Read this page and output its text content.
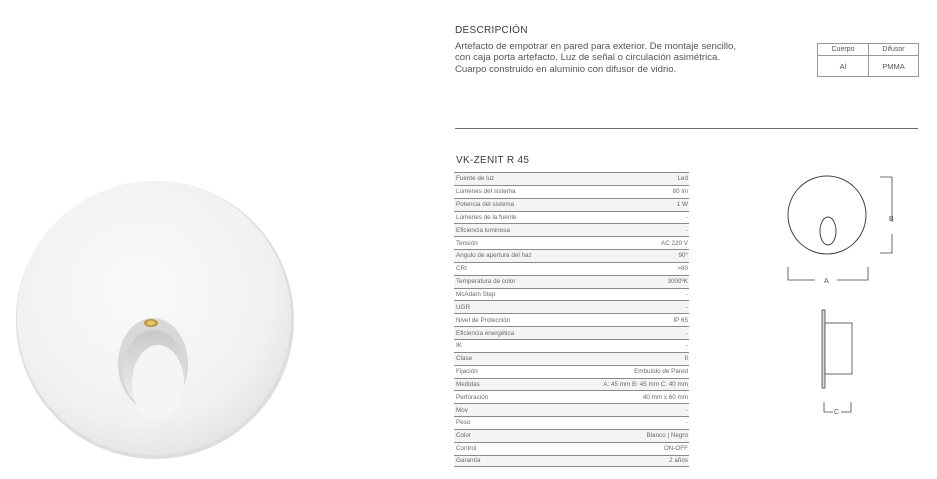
DESCRIPCIÓN
Artefacto de empotrar en pared para exterior. De montaje sencillo,
con caja porta artefacto. Luz de señal o circulación asimétrica.
Cuarpo construido en aluminio con difusor de vidrio.
Cuerpo	Difusor
Al	PMMA
VK-ZENIT R 45
Fuente de luz	Led
Lúmenes del sistema	80 lm
Potencia del sistema	1 W
Lúmenes de la fuente	-
Eficiencia luminosa	-
Tensión	AC 220 V
Angulo de apertura del haz	90°
CRI	>80
Temperatura de color	3000ºK
McAdam Step	-
UGR	-
Nivel de Protección	IP 65
Eficiencia energética	-
IK	-
Clase	II
Fijación	Embutido de Pared
Medidas	A: 45 mm B: 45 mm C: 40 mm
Perforación	40 mm x 60 mm
Mov	-
Peso	-
Color	Blanco | Negro
Control	ON-OFF
Garantía	2 años
B
A
C
